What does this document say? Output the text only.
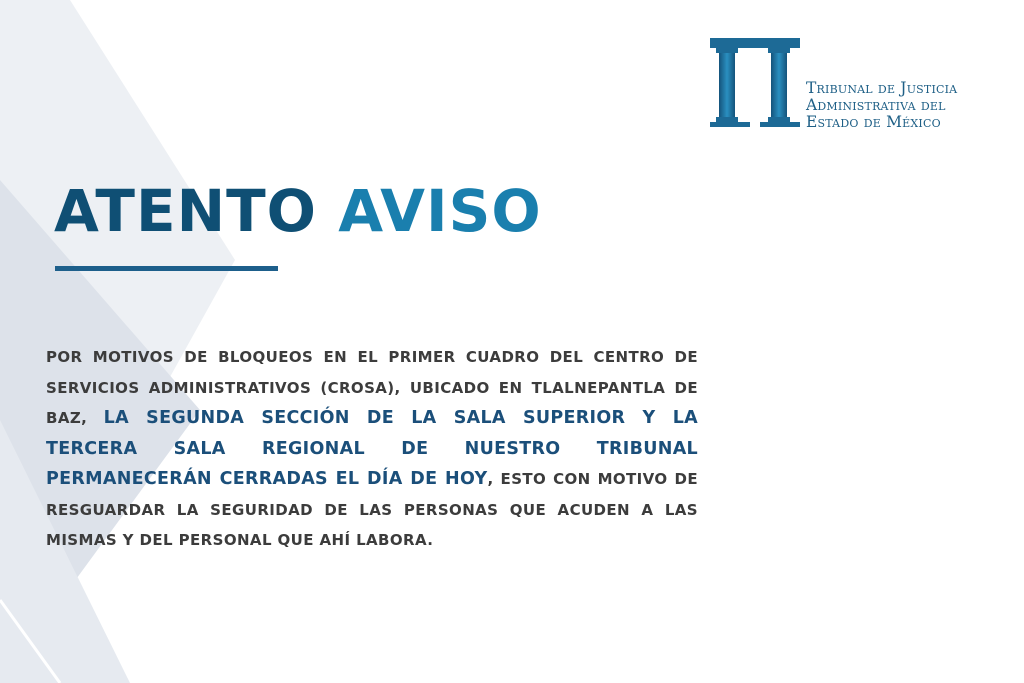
Tribunal de Justicia
Administrativa del
Estado de México
ATENTO AVISO

POR MOTIVOS DE BLOQUEOS EN EL PRIMER CUADRO DEL CENTRO DE SERVICIOS ADMINISTRATIVOS (CROSA), UBICADO EN TLALNEPANTLA DE BAZ, LA SEGUNDA SECCIÓN DE LA SALA SUPERIOR Y LA TERCERA SALA REGIONAL DE NUESTRO TRIBUNAL PERMANECERÁN CERRADAS EL DÍA DE HOY, ESTO CON MOTIVO DE RESGUARDAR LA SEGURIDAD DE LAS PERSONAS QUE ACUDEN A LAS MISMAS Y DEL PERSONAL QUE AHÍ LABORA.
